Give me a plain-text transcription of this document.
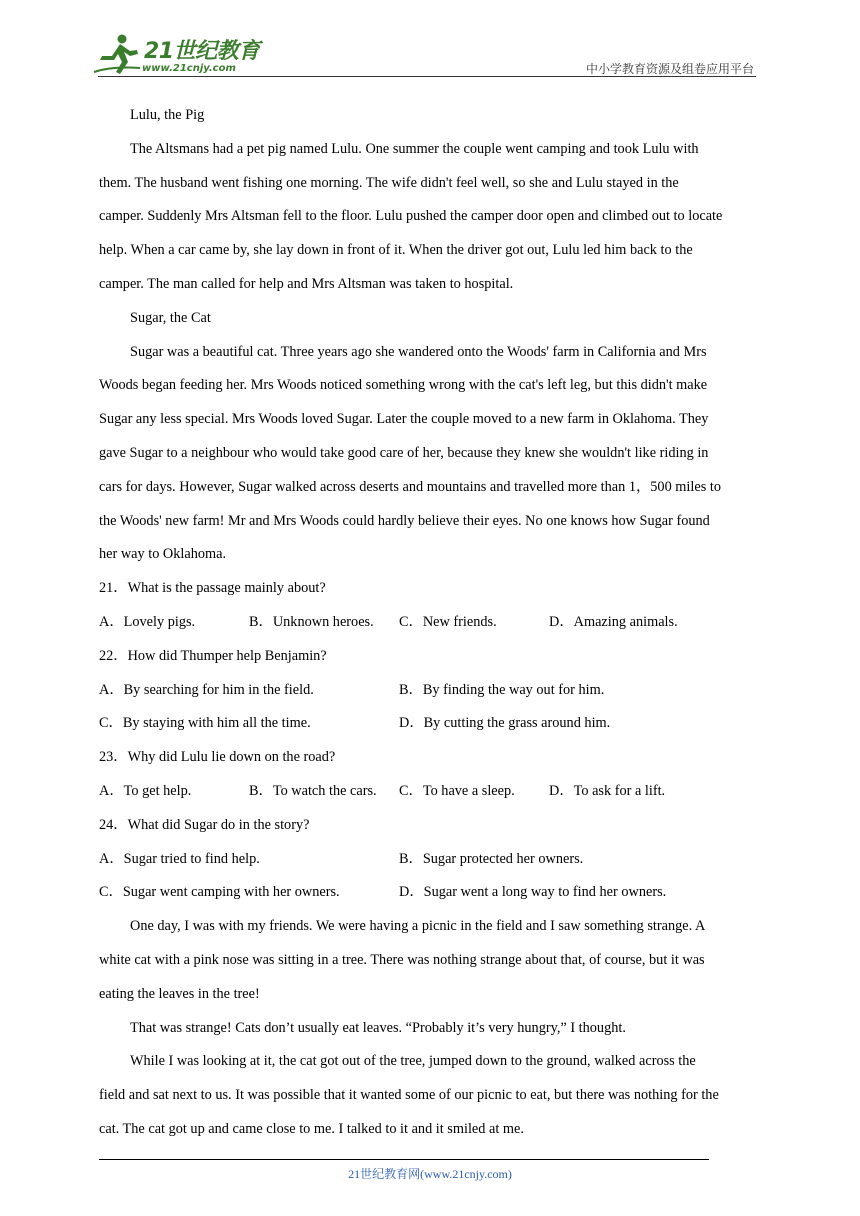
21世纪教育
www.21cnjy.com	中小学教育资源及组卷应用平台
Lulu, the Pig
The Altsmans had a pet pig named Lulu. One summer the couple went camping and took Lulu with
them. The husband went fishing one morning. The wife didn't feel well, so she and Lulu stayed in the
camper. Suddenly Mrs Altsman fell to the floor. Lulu pushed the camper door open and climbed out to locate
help. When a car came by, she lay down in front of it. When the driver got out, Lulu led him back to the
camper. The man called for help and Mrs Altsman was taken to hospital.
Sugar, the Cat
Sugar was a beautiful cat. Three years ago she wandered onto the Woods' farm in California and Mrs
Woods began feeding her. Mrs Woods noticed something wrong with the cat's left leg, but this didn't make
Sugar any less special. Mrs Woods loved Sugar. Later the couple moved to a new farm in Oklahoma. They
gave Sugar to a neighbour who would take good care of her, because they knew she wouldn't like riding in
cars for days. However, Sugar walked across deserts and mountains and travelled more than 1，500 miles to
the Woods' new farm! Mr and Mrs Woods could hardly believe their eyes. No one knows how Sugar found
her way to Oklahoma.
21．What is the passage mainly about?
A．Lovely pigs.	B．Unknown heroes. C．New friends.	D．Amazing animals.
22．How did Thumper help Benjamin?
A．By searching for him in the field.	B．By finding the way out for him.
C．By staying with him all the time.	D．By cutting the grass around him.
23．Why did Lulu lie down on the road?
A．To get help.	B．To watch the cars. C．To have a sleep. D．To ask for a lift.
24．What did Sugar do in the story?
A．Sugar tried to find help.	B．Sugar protected her owners.
C．Sugar went camping with her owners.	D．Sugar went a long way to find her owners.
One day, I was with my friends. We were having a picnic in the field and I saw something strange. A
white cat with a pink nose was sitting in a tree. There was nothing strange about that, of course, but it was
eating the leaves in the tree!
That was strange! Cats don’t usually eat leaves. “Probably it’s very hungry,” I thought.
While I was looking at it, the cat got out of the tree, jumped down to the ground, walked across the
field and sat next to us. It was possible that it wanted some of our picnic to eat, but there was nothing for the
cat. The cat got up and came close to me. I talked to it and it smiled at me.
21世纪教育网(www.21cnjy.com)
